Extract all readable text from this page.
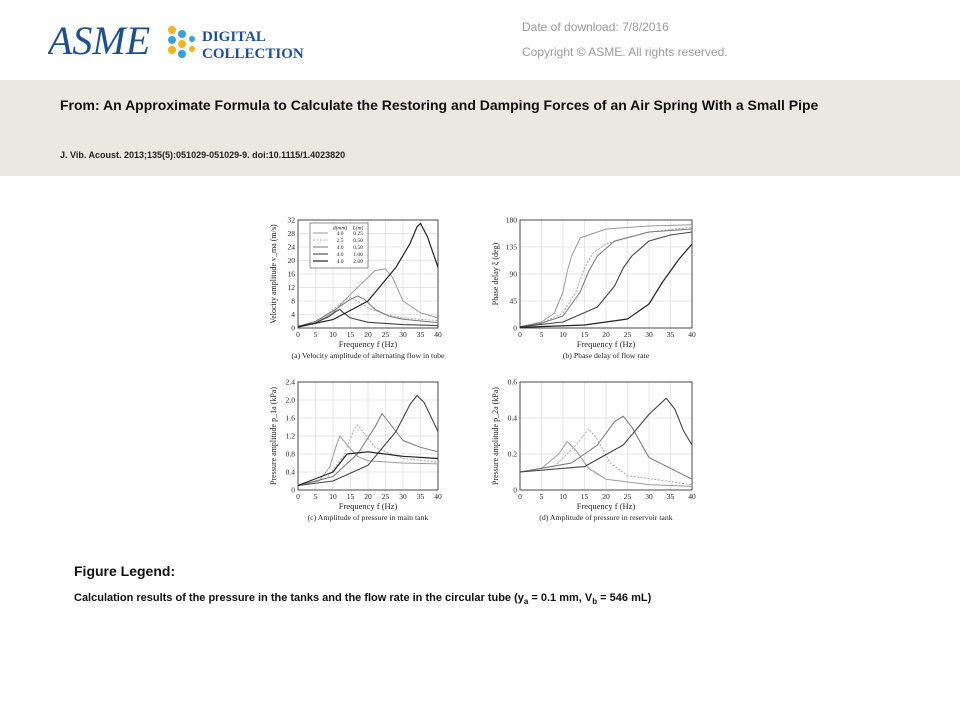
ASME	DIGITAL
COLLECTION
Date of download: 7/8/2016
Copyright © ASME. All rights reserved.
From: An Approximate Formula to Calculate the Restoring and Damping Forces of an Air Spring With a Small Pipe
J. Vib. Acoust. 2013;135(5):051029-051029-9. doi:10.1115/1.4023820
0 5 10 15 20 25 30 35 40
0
8
16
24
32
4
12
20
28
Frequency f (Hz)
Velocity amplitude v_ma (m/s)
(a) Velocity amplitude of alternating flow in tube
d(mm) L(m)
4.0 0.25
2.5 0.50
4.0 0.50
4.0 1.00
4.0 2.00
0 5 10 15 20 25 30 35 40
0
45
90
135
180
Frequency f (Hz)
Phase delay ξ (deg)
(b) Phase delay of flow rate
0 5 10 15 20 25 30 35 40
0
0.8
1.6
2.4
0.4
1.2
2.0
Frequency f (Hz)
Pressure amplitude p_1a (kPa)
(c) Amplitude of pressure in main tank
0 5 10 15 20 25 30 35 40
0
0.2
0.4
0.6
Frequency f (Hz)
Pressure amplitude p_2a (kPa)
(d) Amplitude of pressure in reservoir tank
Figure Legend:
Calculation results of the pressure in the tanks and the flow rate in the circular tube ($y_a = 0.1$ mm, $V_b = 546$ mL)
